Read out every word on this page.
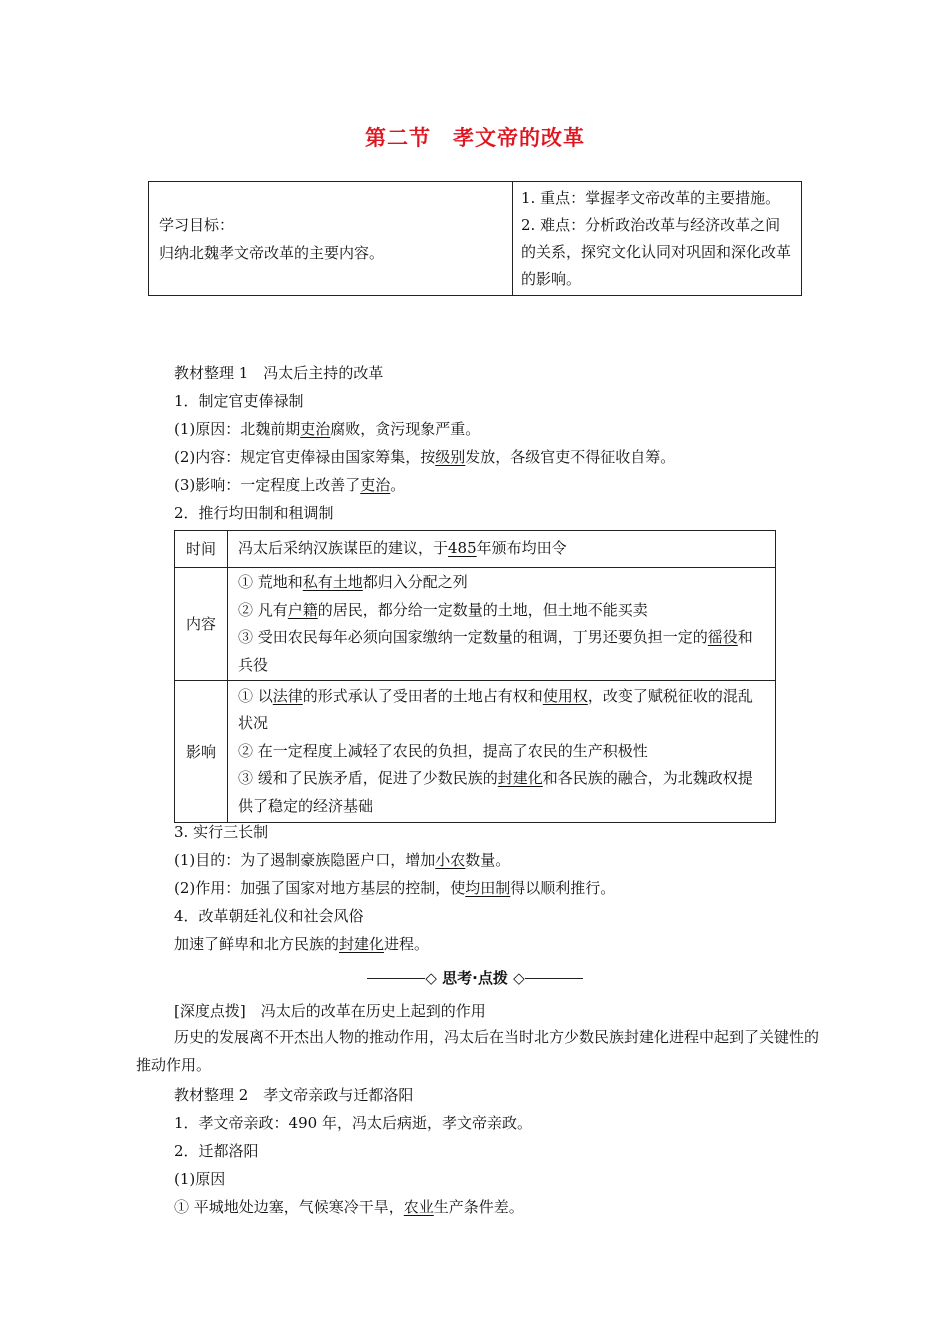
第二节 孝文帝的改革
学习目标：
归纳北魏孝文帝改革的主要内容。

1. 重点：掌握孝文帝改革的主要措施。
2. 难点：分析政治改革与经济改革之间的关系，探究文化认同对巩固和深化改革的影响。
教材整理 1　冯太后主持的改革
1．制定官吏俸禄制
(1)原因：北魏前期吏治腐败，贪污现象严重。
(2)内容：规定官吏俸禄由国家筹集，按级别发放，各级官吏不得征收自筹。
(3)影响：一定程度上改善了吏治。
2．推行均田制和租调制
时间	冯太后采纳汉族谋臣的建议，于485年颁布均田令
内容	① 荒地和私有土地都归入分配之列
② 凡有户籍的居民，都分给一定数量的土地，但土地不能买卖
③ 受田农民每年必须向国家缴纳一定数量的租调，丁男还要负担一定的徭役和兵役

影响	① 以法律的形式承认了受田者的土地占有权和使用权，改变了赋税征收的混乱状况
② 在一定程度上减轻了农民的负担，提高了农民的生产积极性
③ 缓和了民族矛盾，促进了少数民族的封建化和各民族的融合，为北魏政权提供了稳定的经济基础
3. 实行三长制
(1)目的：为了遏制豪族隐匿户口，增加小农数量。
(2)作用：加强了国家对地方基层的控制，使均田制得以顺利推行。
4．改革朝廷礼仪和社会风俗
加速了鲜卑和北方民族的封建化进程。
◇ 思考·点拨 ◇
[深度点拨]　冯太后的改革在历史上起到的作用
历史的发展离不开杰出人物的推动作用，冯太后在当时北方少数民族封建化进程中起到了关键性的推动作用。
教材整理 2　孝文帝亲政与迁都洛阳
1．孝文帝亲政：490 年，冯太后病逝，孝文帝亲政。
2．迁都洛阳
(1)原因
① 平城地处边塞，气候寒冷干旱，农业生产条件差。
